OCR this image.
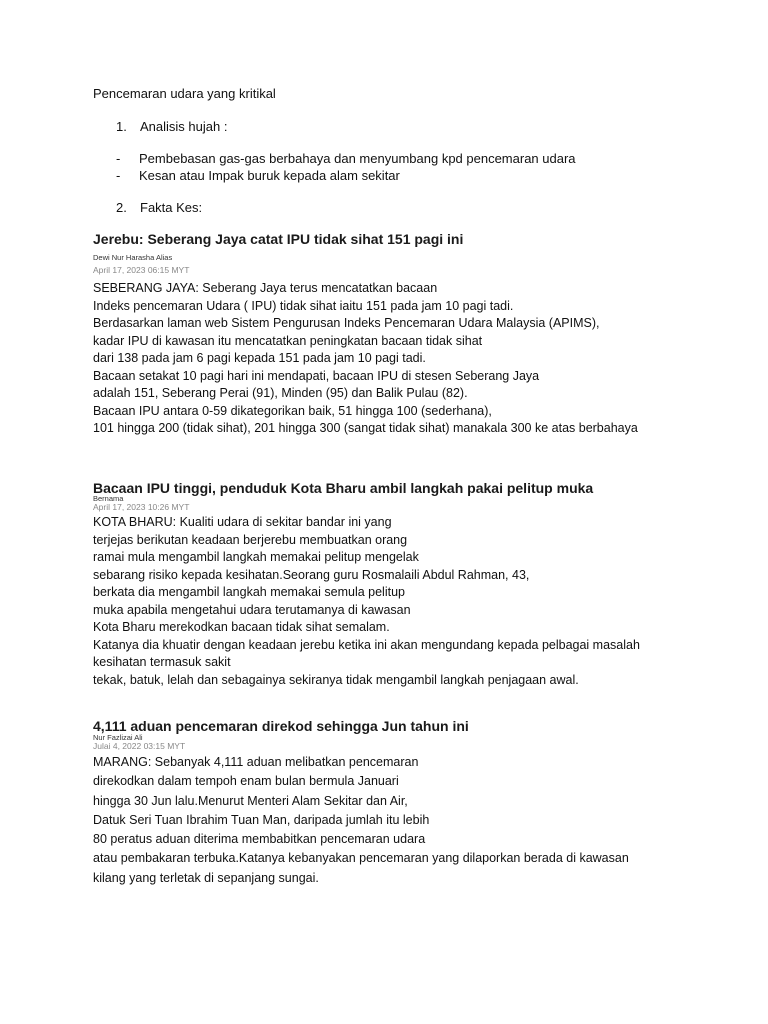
Pencemaran udara yang kritikal
1. Analisis hujah :
- Pembebasan gas-gas berbahaya dan menyumbang kpd pencemaran udara
- Kesan atau Impak buruk kepada alam sekitar
2. Fakta Kes:
Jerebu: Seberang Jaya catat IPU tidak sihat 151 pagi ini
Dewi Nur Harasha Alias
April 17, 2023 06:15 MYT
SEBERANG JAYA: Seberang Jaya terus mencatatkan bacaan
Indeks pencemaran Udara ( IPU) tidak sihat iaitu 151 pada jam 10 pagi tadi.
Berdasarkan laman web Sistem Pengurusan Indeks Pencemaran Udara Malaysia (APIMS),
kadar IPU di kawasan itu mencatatkan peningkatan bacaan tidak sihat
dari 138 pada jam 6 pagi kepada 151 pada jam 10 pagi tadi.
Bacaan setakat 10 pagi hari ini mendapati, bacaan IPU di stesen Seberang Jaya
adalah 151, Seberang Perai (91), Minden (95) dan Balik Pulau (82).
Bacaan IPU antara 0-59 dikategorikan baik, 51 hingga 100 (sederhana),
101 hingga 200 (tidak sihat), 201 hingga 300 (sangat tidak sihat) manakala 300 ke atas berbahaya
Bacaan IPU tinggi, penduduk Kota Bharu ambil langkah pakai pelitup muka
Bernama
April 17, 2023 10:26 MYT
KOTA BHARU: Kualiti udara di sekitar bandar ini yang
terjejas berikutan keadaan berjerebu membuatkan orang
ramai mula mengambil langkah memakai pelitup mengelak
sebarang risiko kepada kesihatan.Seorang guru Rosmalaili Abdul Rahman, 43,
berkata dia mengambil langkah memakai semula pelitup
muka apabila mengetahui udara terutamanya di kawasan
Kota Bharu merekodkan bacaan tidak sihat semalam.
Katanya dia khuatir dengan keadaan jerebu ketika ini akan mengundang kepada pelbagai masalah
kesihatan termasuk sakit
tekak, batuk, lelah dan sebagainya sekiranya tidak mengambil langkah penjagaan awal.
4,111 aduan pencemaran direkod sehingga Jun tahun ini
Nur Fazlizai Ali
Julai 4, 2022 03:15 MYT
MARANG: Sebanyak 4,111 aduan melibatkan pencemaran
direkodkan dalam tempoh enam bulan bermula Januari
hingga 30 Jun lalu.Menurut Menteri Alam Sekitar dan Air,
Datuk Seri Tuan Ibrahim Tuan Man, daripada jumlah itu lebih
80 peratus aduan diterima membabitkan pencemaran udara
atau pembakaran terbuka.Katanya kebanyakan pencemaran yang dilaporkan berada di kawasan
kilang yang terletak di sepanjang sungai.
